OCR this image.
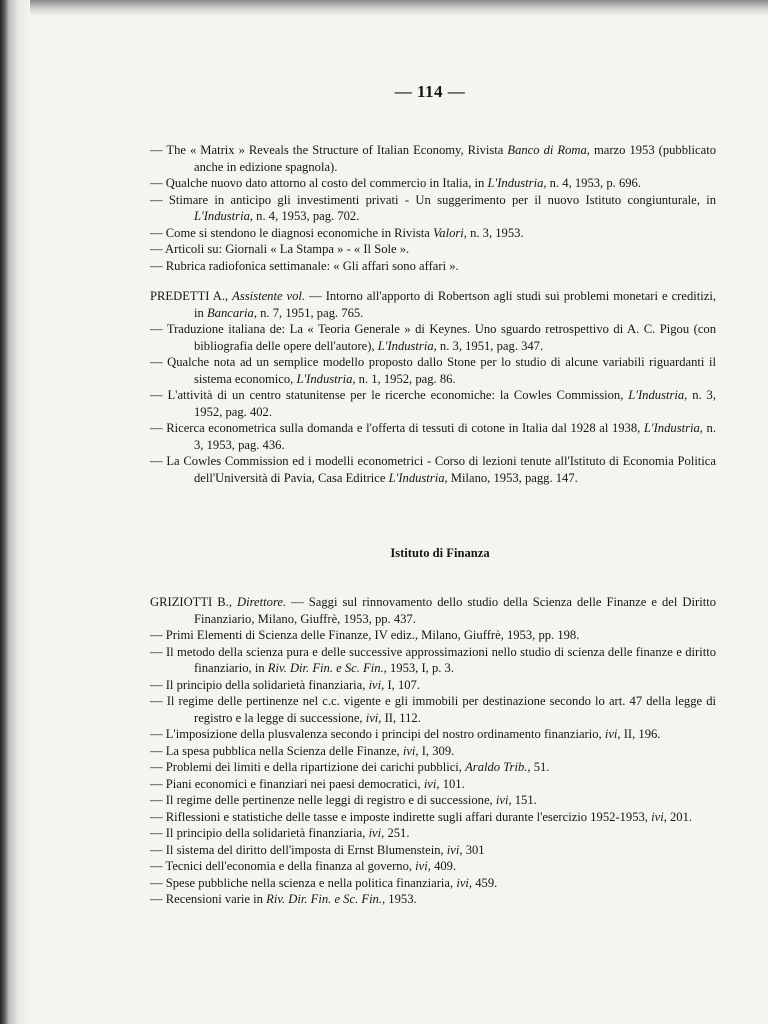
— 114 —
— The « Matrix » Reveals the Structure of Italian Economy, Rivista Banco di Roma, marzo 1953 (pubblicato anche in edizione spagnola).
— Qualche nuovo dato attorno al costo del commercio in Italia, in L'Industria, n. 4, 1953, p. 696.
— Stimare in anticipo gli investimenti privati - Un suggerimento per il nuovo Istituto congiunturale, in L'Industria, n. 4, 1953, pag. 702.
— Come si stendono le diagnosi economiche in Rivista Valori, n. 3, 1953.
— Articoli su: Giornali « La Stampa » - « Il Sole ».
— Rubrica radiofonica settimanale: « Gli affari sono affari ».
PREDETTI A., Assistente vol. — Intorno all'apporto di Robertson agli studi sui problemi monetari e creditizi, in Bancaria, n. 7, 1951, pag. 765.
— Traduzione italiana de: La « Teoria Generale » di Keynes. Uno sguardo retrospettivo di A. C. Pigou (con bibliografia delle opere dell'autore), L'Industria, n. 3, 1951, pag. 347.
— Qualche nota ad un semplice modello proposto dallo Stone per lo studio di alcune variabili riguardanti il sistema economico, L'Industria, n. 1, 1952, pag. 86.
— L'attività di un centro statunitense per le ricerche economiche: la Cowles Commission, L'Industria, n. 3, 1952, pag. 402.
— Ricerca econometrica sulla domanda e l'offerta di tessuti di cotone in Italia dal 1928 al 1938, L'Industria, n. 3, 1953, pag. 436.
— La Cowles Commission ed i modelli econometrici - Corso di lezioni tenute all'Istituto di Economia Politica dell'Università di Pavia, Casa Editrice L'Industria, Milano, 1953, pagg. 147.
Istituto di Finanza
GRIZIOTTI B., Direttore. — Saggi sul rinnovamento dello studio della Scienza delle Finanze e del Diritto Finanziario, Milano, Giuffrè, 1953, pp. 437.
— Primi Elementi di Scienza delle Finanze, IV ediz., Milano, Giuffrè, 1953, pp. 198.
— Il metodo della scienza pura e delle successive approssimazioni nello studio di scienza delle finanze e diritto finanziario, in Riv. Dir. Fin. e Sc. Fin., 1953, I, p. 3.
— Il principio della solidarietà finanziaria, ivi, I, 107.
— Il regime delle pertinenze nel c.c. vigente e gli immobili per destinazione secondo lo art. 47 della legge di registro e la legge di successione, ivi, II, 112.
— L'imposizione della plusvalenza secondo i principi del nostro ordinamento finanziario, ivi, II, 196.
— La spesa pubblica nella Scienza delle Finanze, ivi, I, 309.
— Problemi dei limiti e della ripartizione dei carichi pubblici, Araldo Trib., 51.
— Piani economici e finanziari nei paesi democratici, ivi, 101.
— Il regime delle pertinenze nelle leggi di registro e di successione, ivi, 151.
— Riflessioni e statistiche delle tasse e imposte indirette sugli affari durante l'esercizio 1952-1953, ivi, 201.
— Il principio della solidarietà finanziaria, ivi, 251.
— Il sistema del diritto dell'imposta di Ernst Blumenstein, ivi, 301
— Tecnici dell'economia e della finanza al governo, ivi, 409.
— Spese pubbliche nella scienza e nella politica finanziaria, ivi, 459.
— Recensioni varie in Riv. Dir. Fin. e Sc. Fin., 1953.
